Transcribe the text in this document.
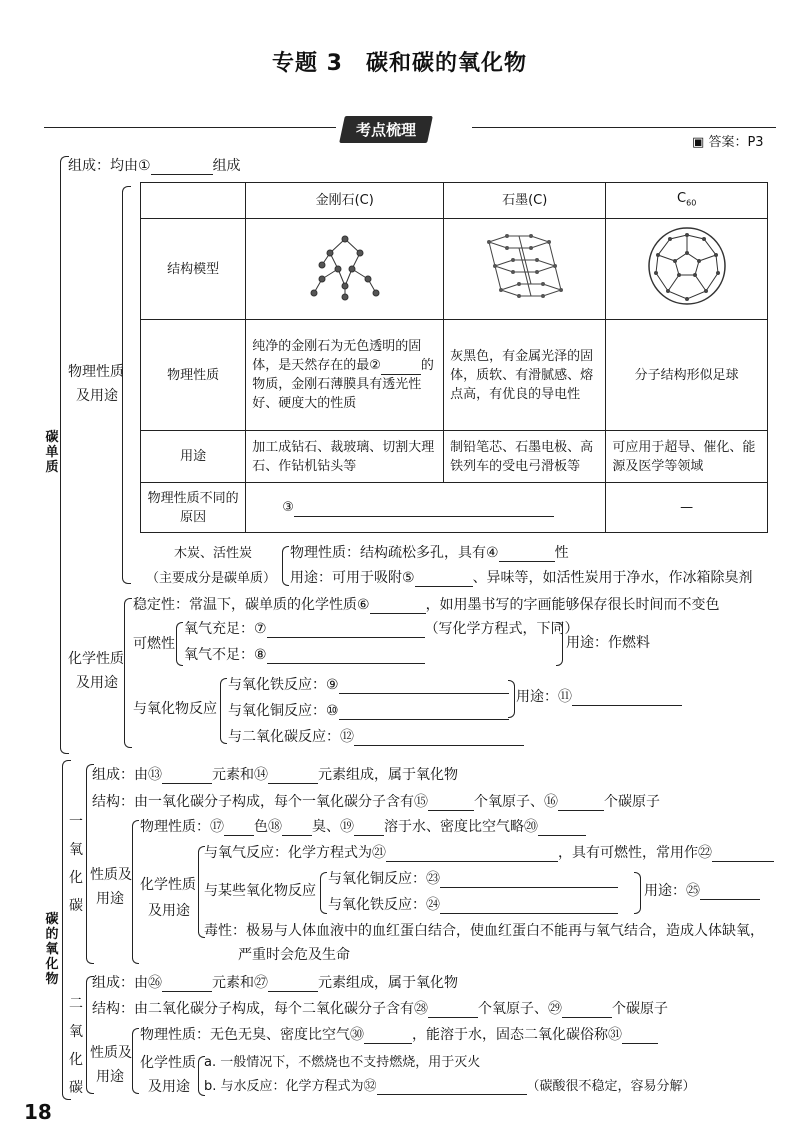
专题 3　碳和碳的氧化物
考点梳理
▣ 答案：P3
碳单质
组成：均由①	组成
物理性质
及用途
	金刚石(C)	石墨(C)	$C_{60}$
结构模型			
物理性质	纯净的金刚石为无色透明的固体，是天然存在的最② 的物质，金刚石薄膜具有透光性好、硬度大的性质	灰黑色，有金属光泽的固体，质软、有滑腻感、熔点高，有优良的导电性	分子结构形似足球
用途	加工成钻石、裁玻璃、切割大理石、作钻机钻头等	制铅笔芯、石墨电极、高铁列车的受电弓滑板等	可应用于超导、催化、能源及医学等领域
物理性质不同的原因	③		—
木炭、活性炭
（主要成分是碳单质）
物理性质：结构疏松多孔，具有④	性
用途：可用于吸附⑤	、异味等，如活性炭用于净水，作冰箱除臭剂
化学性质
及用途
稳定性：常温下，碳单质的化学性质⑥	，如用墨书写的字画能够保存很长时间而不变色
可燃性
氧气充足：⑦	（写化学方程式，下同）
氧气不足：⑧
用途：作燃料
与氧化物反应
与氧化铁反应：⑨
与氧化铜反应：⑩
用途：⑪
与二氧化碳反应：⑫
碳的氧化物
一氧化碳
组成：由⑬	元素和⑭	元素组成，属于氧化物
结构：由一氧化碳分子构成，每个一氧化碳分子含有⑮	个氧原子、⑯	个碳原子
性质及
用途
物理性质：⑰ 色⑱ 臭、⑲ 溶于水、密度比空气略⑳
化学性质
及用途
与氧气反应：化学方程式为㉑	，具有可燃性，常用作㉒
与某些氧化物反应
与氧化铜反应：㉓
与氧化铁反应：㉔
用途：㉕
毒性：极易与人体血液中的血红蛋白结合，使血红蛋白不能再与氧气结合，造成人体缺氧，
严重时会危及生命
二氧化碳
组成：由㉖	元素和㉗	元素组成，属于氧化物
结构：由二氧化碳分子构成，每个二氧化碳分子含有㉘	个氧原子、㉙	个碳原子
性质及
用途
物理性质：无色无臭、密度比空气㉚	，能溶于水，固态二氧化碳俗称㉛
化学性质
及用途
a. 一般情况下，不燃烧也不支持燃烧，用于灭火
b. 与水反应：化学方程式为㉜	（碳酸很不稳定，容易分解）
18
